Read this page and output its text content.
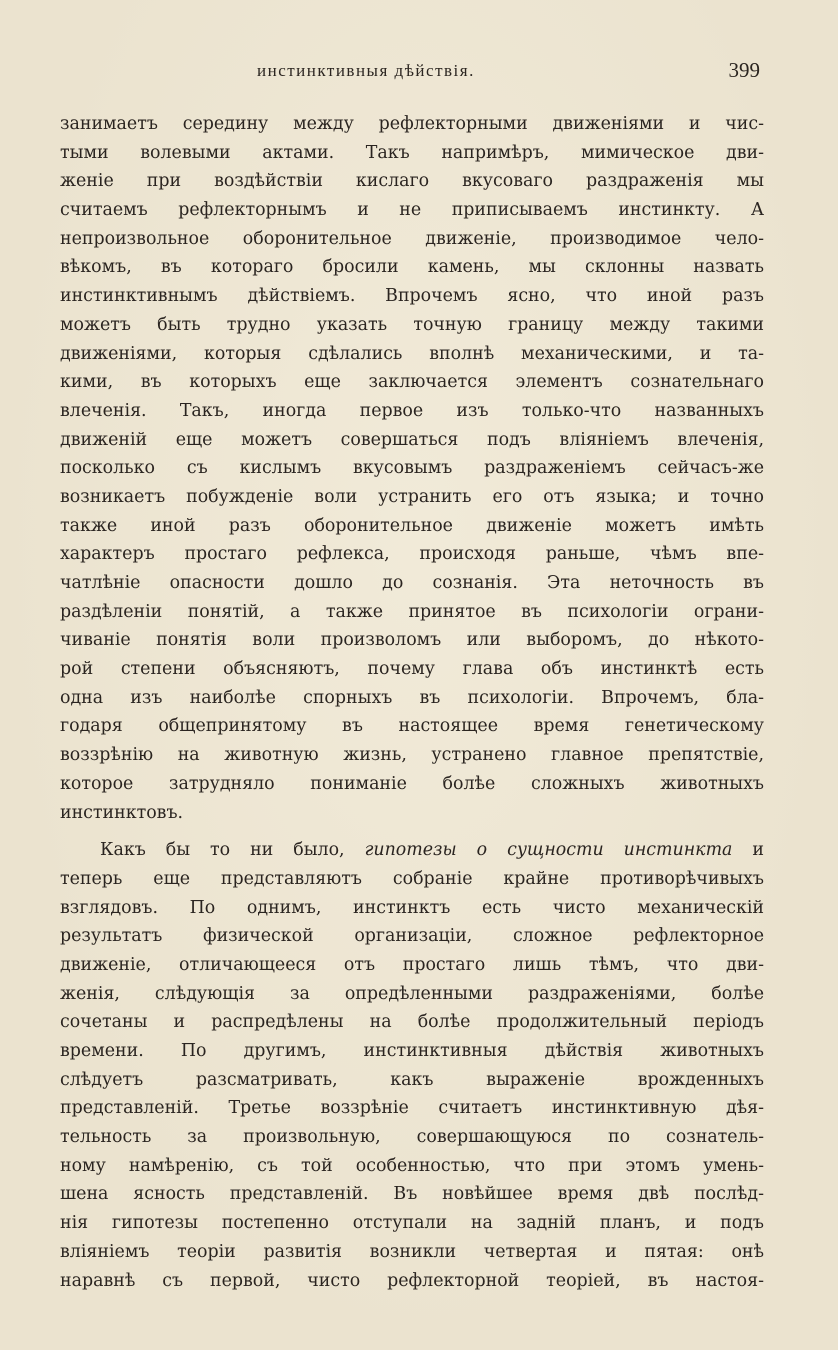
инстинктивныя дѣйствія.	399
занимаетъ середину между рефлекторными движеніями и чис-
тыми волевыми актами. Такъ напримѣръ, мимическое дви-
женіе при воздѣйствіи кислаго вкусоваго раздраженія мы
считаемъ рефлекторнымъ и не приписываемъ инстинкту. А
непроизвольное оборонительное движеніе, производимое чело-
вѣкомъ, въ котораго бросили камень, мы склонны назвать
инстинктивнымъ дѣйствіемъ. Впрочемъ ясно, что иной разъ
можетъ быть трудно указать точную границу между такими
движеніями, которыя сдѣлались вполнѣ механическими, и та-
кими, въ которыхъ еще заключается элементъ сознательнаго
влеченія. Такъ, иногда первое изъ только-что названныхъ
движеній еще можетъ совершаться подъ вліяніемъ влеченія,
посколько съ кислымъ вкусовымъ раздраженіемъ сейчасъ-же
возникаетъ побужденіе воли устранить его отъ языка; и точно
также иной разъ оборонительное движеніе можетъ имѣть
характеръ простаго рефлекса, происходя раньше, чѣмъ впе-
чатлѣніе опасности дошло до сознанія. Эта неточность въ
раздѣленіи понятій, а также принятое въ психологіи ограни-
чиваніе понятія воли произволомъ или выборомъ, до нѣкото-
рой степени объясняютъ, почему глава объ инстинктѣ есть
одна изъ наиболѣе спорныхъ въ психологіи. Впрочемъ, бла-
годаря общепринятому въ настоящее время генетическому
воззрѣнію на животную жизнь, устранено главное препятствіе,
которое затрудняло пониманіе болѣе сложныхъ животныхъ
инстинктовъ.
Какъ бы то ни было, гипотезы о сущности инстинкта и
теперь еще представляютъ собраніе крайне противорѣчивыхъ
взглядовъ. По однимъ, инстинктъ есть чисто механическій
результатъ физической организаціи, сложное рефлекторное
движеніе, отличающееся отъ простаго лишь тѣмъ, что дви-
женія, слѣдующія за опредѣленными раздраженіями, болѣе
сочетаны и распредѣлены на болѣе продолжительный періодъ
времени. По другимъ, инстинктивныя дѣйствія животныхъ
слѣдуетъ разсматривать, какъ выраженіе врожденныхъ
представленій. Третье воззрѣніе считаетъ инстинктивную дѣя-
тельность за произвольную, совершающуюся по сознатель-
ному намѣренію, съ той особенностью, что при этомъ умень-
шена ясность представленій. Въ новѣйшее время двѣ послѣд-
нія гипотезы постепенно отступали на заднiй планъ, и подъ
вліяніемъ теоріи развитія возникли четвертая и пятая: онѣ
наравнѣ съ первой, чисто рефлекторной теоріей, въ настоя-
